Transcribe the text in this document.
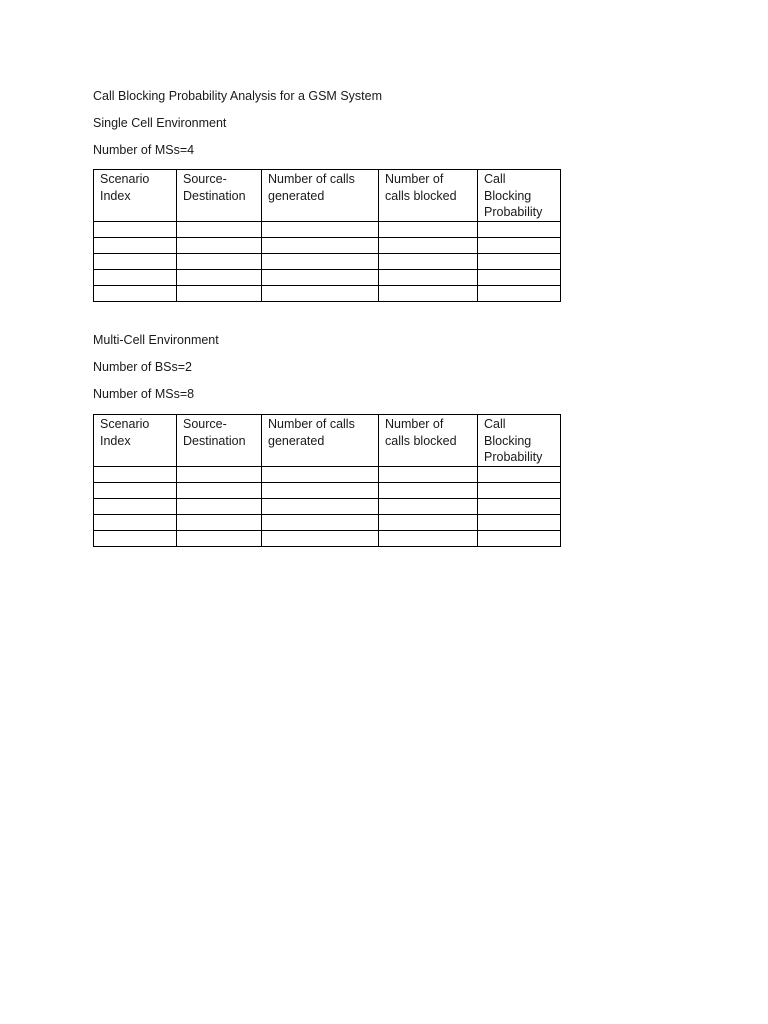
Call Blocking Probability Analysis for a GSM System

Single Cell Environment

Number of MSs=4

Scenario Index	Source-Destination	Number of calls generated	Number of calls blocked	Call Blocking Probability

Multi-Cell Environment

Number of BSs=2

Number of MSs=8

Scenario Index	Source-Destination	Number of calls generated	Number of calls blocked	Call Blocking Probability
